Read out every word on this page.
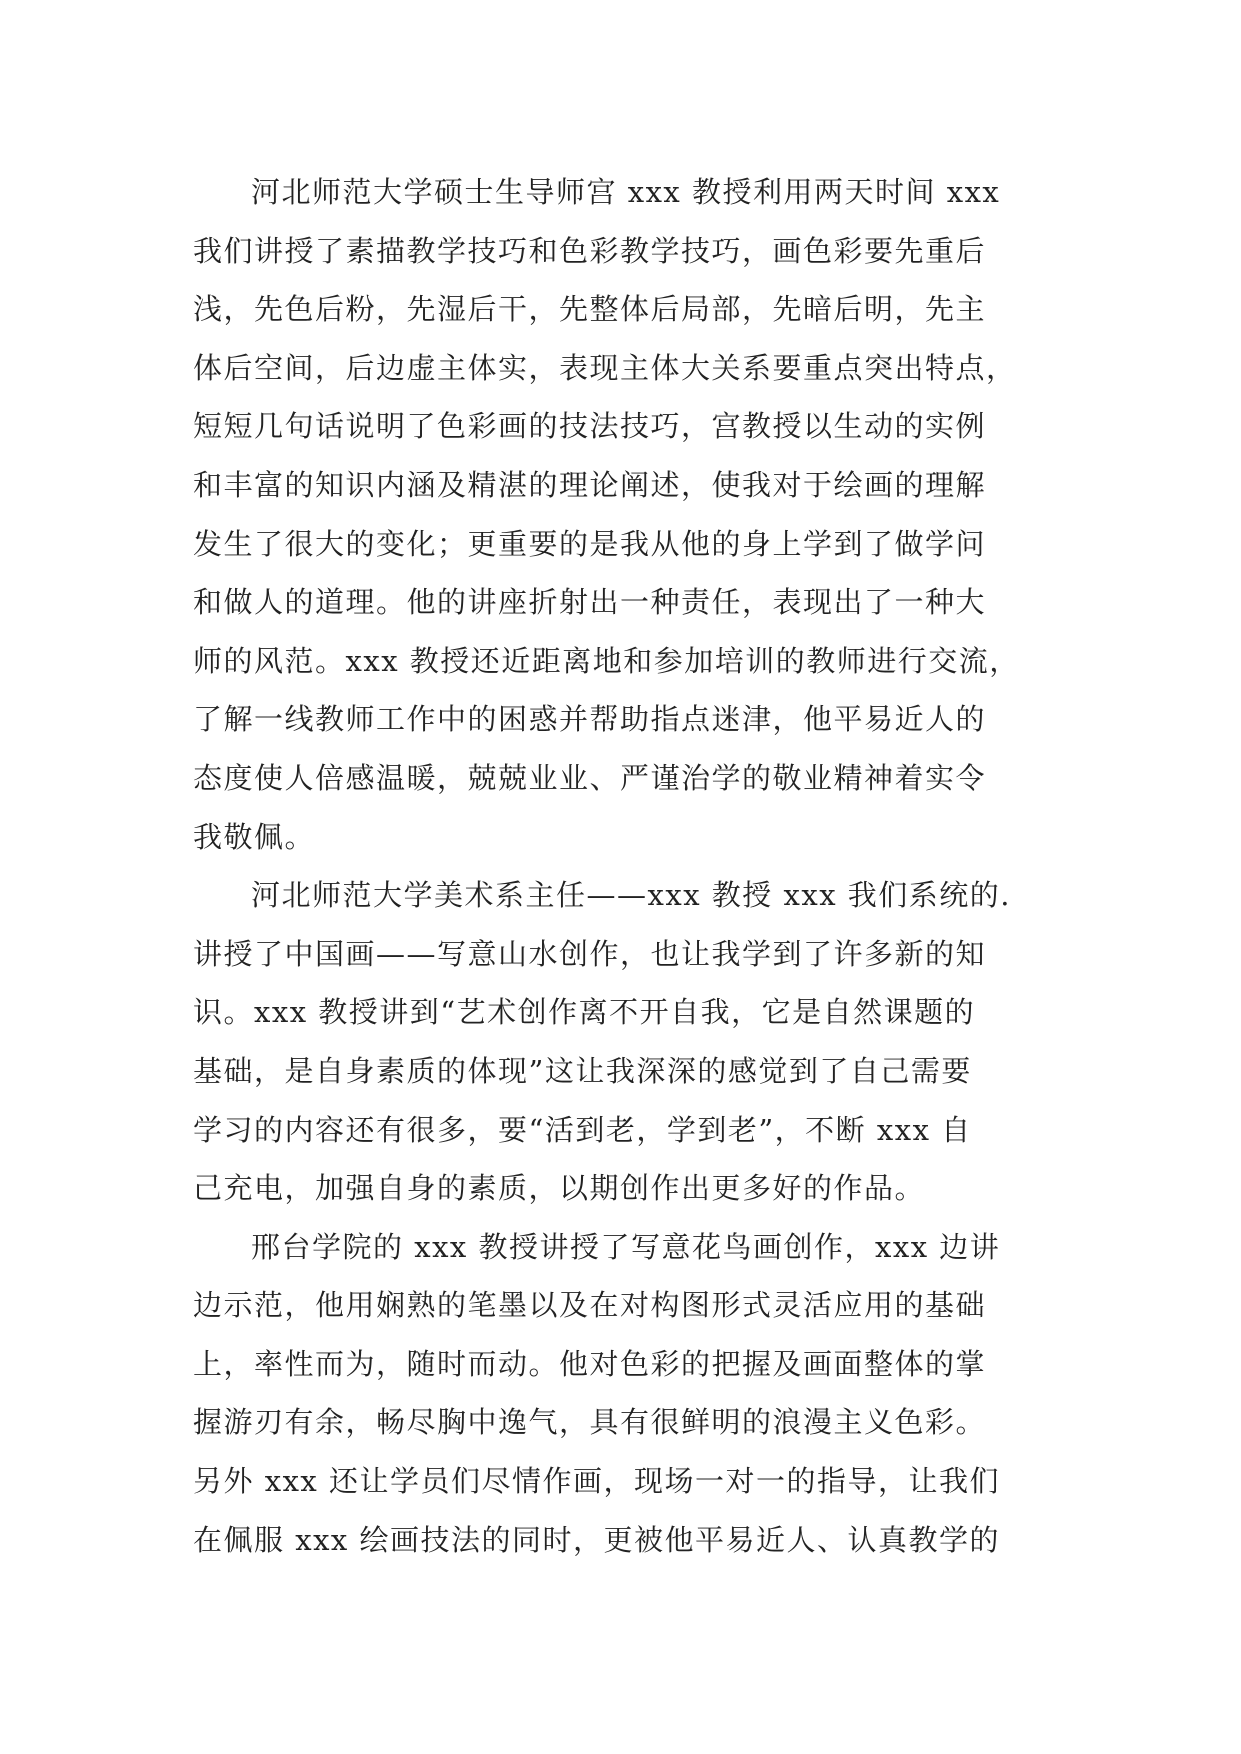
河北师范大学硕士生导师宫 xxx 教授利用两天时间 xxx
我们讲授了素描教学技巧和色彩教学技巧，画色彩要先重后
浅，先色后粉，先湿后干，先整体后局部，先暗后明，先主
体后空间，后边虚主体实，表现主体大关系要重点突出特点，
短短几句话说明了色彩画的技法技巧，宫教授以生动的实例
和丰富的知识内涵及精湛的理论阐述，使我对于绘画的理解
发生了很大的变化；更重要的是我从他的身上学到了做学问
和做人的道理。他的讲座折射出一种责任，表现出了一种大
师的风范。xxx 教授还近距离地和参加培训的教师进行交流，
了解一线教师工作中的困惑并帮助指点迷津，他平易近人的
态度使人倍感温暖，兢兢业业、严谨治学的敬业精神着实令
我敬佩。
河北师范大学美术系主任——xxx 教授 xxx 我们系统的.
讲授了中国画——写意山水创作，也让我学到了许多新的知
识。xxx 教授讲到“艺术创作离不开自我，它是自然课题的
基础，是自身素质的体现”这让我深深的感觉到了自己需要
学习的内容还有很多，要“活到老，学到老”，不断 xxx 自
己充电，加强自身的素质，以期创作出更多好的作品。
邢台学院的 xxx 教授讲授了写意花鸟画创作，xxx 边讲
边示范，他用娴熟的笔墨以及在对构图形式灵活应用的基础
上，率性而为，随时而动。他对色彩的把握及画面整体的掌
握游刃有余，畅尽胸中逸气，具有很鲜明的浪漫主义色彩。
另外 xxx 还让学员们尽情作画，现场一对一的指导，让我们
在佩服 xxx 绘画技法的同时，更被他平易近人、认真教学的
